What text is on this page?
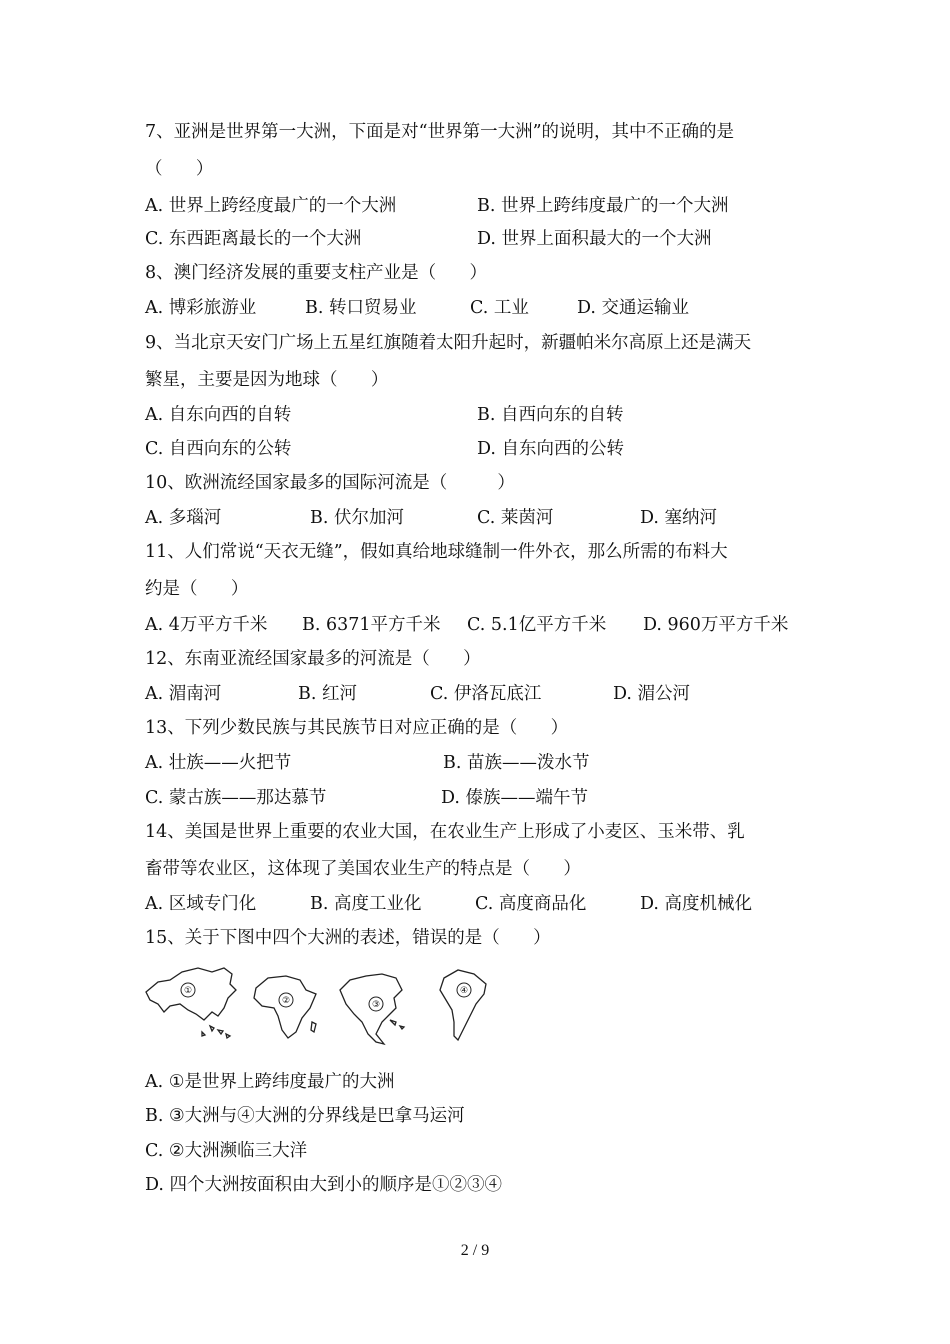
7、亚洲是世界第一大洲，下面是对“世界第一大洲”的说明，其中不正确的是
（      ）
A. 世界上跨经度最广的一个大洲	B. 世界上跨纬度最广的一个大洲
C. 东西距离最长的一个大洲	D. 世界上面积最大的一个大洲
8、澳门经济发展的重要支柱产业是（      ）
A. 博彩旅游业	B. 转口贸易业	C. 工业	D. 交通运输业
9、当北京天安门广场上五星红旗随着太阳升起时，新疆帕米尔高原上还是满天
繁星，主要是因为地球（      ）
A. 自东向西的自转	B. 自西向东的自转
C. 自西向东的公转	D. 自东向西的公转
10、欧洲流经国家最多的国际河流是（         ）
A. 多瑙河	B. 伏尔加河	C. 莱茵河	D. 塞纳河
11、人们常说“天衣无缝”，假如真给地球缝制一件外衣，那么所需的布料大
约是（      ）
A. 4万平方千米 B. 6371平方千米 C. 5.1亿平方千米 D. 960万平方千米
12、东南亚流经国家最多的河流是（      ）
A. 湄南河	B. 红河	C. 伊洛瓦底江	D. 湄公河
13、下列少数民族与其民族节日对应正确的是（      ）
A. 壮族——火把节	B. 苗族——泼水节
C. 蒙古族——那达慕节	D. 傣族——端午节
14、美国是世界上重要的农业大国，在农业生产上形成了小麦区、玉米带、乳
畜带等农业区，这体现了美国农业生产的特点是（      ）
A. 区域专门化	B. 高度工业化	C. 高度商品化	D. 高度机械化
15、关于下图中四个大洲的表述，错误的是（      ）
①
②	③
④
A. ①是世界上跨纬度最广的大洲
B. ③大洲与④大洲的分界线是巴拿马运河
C. ②大洲濒临三大洋
D. 四个大洲按面积由大到小的顺序是①②③④
2 / 9
